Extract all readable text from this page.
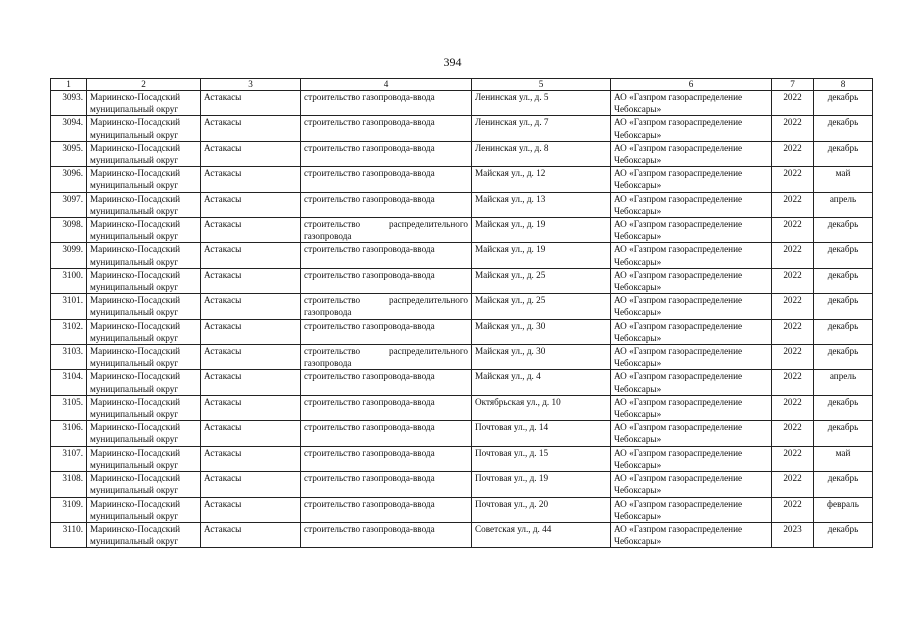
394
1	2	3	4	5	6	7	8
3093.	Мариинско-Посадский муниципальный округ	Астакасы	строительство газопровода-ввода	Ленинская ул., д. 5	АО «Газпром газораспределение Чебоксары»	2022	декабрь
3094.	Мариинско-Посадский муниципальный округ	Астакасы	строительство газопровода-ввода	Ленинская ул., д. 7	АО «Газпром газораспределение Чебоксары»	2022	декабрь
3095.	Мариинско-Посадский муниципальный округ	Астакасы	строительство газопровода-ввода	Ленинская ул., д. 8	АО «Газпром газораспределение Чебоксары»	2022	декабрь
3096.	Мариинско-Посадский муниципальный округ	Астакасы	строительство газопровода-ввода	Майская ул., д. 12	АО «Газпром газораспределение Чебоксары»	2022	май
3097.	Мариинско-Посадский муниципальный округ	Астакасы	строительство газопровода-ввода	Майская ул., д. 13	АО «Газпром газораспределение Чебоксары»	2022	апрель
3098.	Мариинско-Посадский муниципальный округ	Астакасы	строительство распределительного газопровода	Майская ул., д. 19	АО «Газпром газораспределение Чебоксары»	2022	декабрь
3099.	Мариинско-Посадский муниципальный округ	Астакасы	строительство газопровода-ввода	Майская ул., д. 19	АО «Газпром газораспределение Чебоксары»	2022	декабрь
3100.	Мариинско-Посадский муниципальный округ	Астакасы	строительство газопровода-ввода	Майская ул., д. 25	АО «Газпром газораспределение Чебоксары»	2022	декабрь
3101.	Мариинско-Посадский муниципальный округ	Астакасы	строительство распределительного газопровода	Майская ул., д. 25	АО «Газпром газораспределение Чебоксары»	2022	декабрь
3102.	Мариинско-Посадский муниципальный округ	Астакасы	строительство газопровода-ввода	Майская ул., д. 30	АО «Газпром газораспределение Чебоксары»	2022	декабрь
3103.	Мариинско-Посадский муниципальный округ	Астакасы	строительство распределительного газопровода	Майская ул., д. 30	АО «Газпром газораспределение Чебоксары»	2022	декабрь
3104.	Мариинско-Посадский муниципальный округ	Астакасы	строительство газопровода-ввода	Майская ул., д. 4	АО «Газпром газораспределение Чебоксары»	2022	апрель
3105.	Мариинско-Посадский муниципальный округ	Астакасы	строительство газопровода-ввода	Октябрьская ул., д. 10	АО «Газпром газораспределение Чебоксары»	2022	декабрь
3106.	Мариинско-Посадский муниципальный округ	Астакасы	строительство газопровода-ввода	Почтовая ул., д. 14	АО «Газпром газораспределение Чебоксары»	2022	декабрь
3107.	Мариинско-Посадский муниципальный округ	Астакасы	строительство газопровода-ввода	Почтовая ул., д. 15	АО «Газпром газораспределение Чебоксары»	2022	май
3108.	Мариинско-Посадский муниципальный округ	Астакасы	строительство газопровода-ввода	Почтовая ул., д. 19	АО «Газпром газораспределение Чебоксары»	2022	декабрь
3109.	Мариинско-Посадский муниципальный округ	Астакасы	строительство газопровода-ввода	Почтовая ул., д. 20	АО «Газпром газораспределение Чебоксары»	2022	февраль
3110.	Мариинско-Посадский муниципальный округ	Астакасы	строительство газопровода-ввода	Советская ул., д. 44	АО «Газпром газораспределение Чебоксары»	2023	декабрь
